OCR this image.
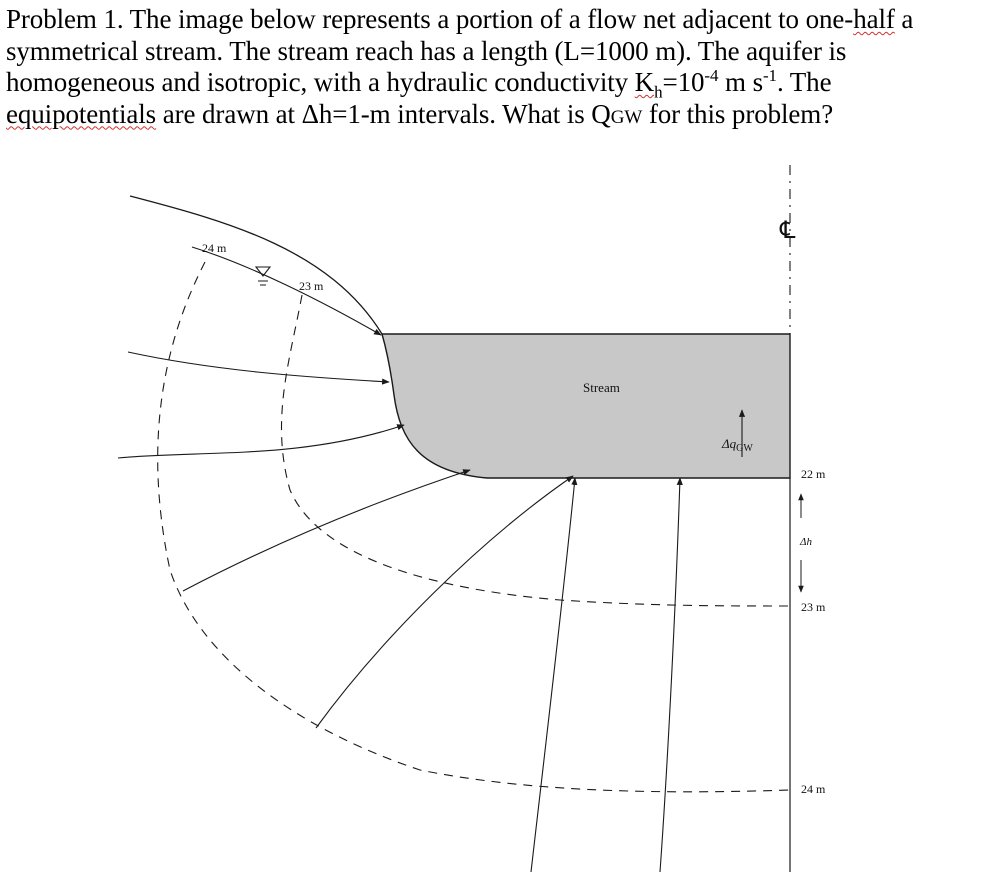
Problem 1. The image below represents a portion of a flow net adjacent to one-half a
symmetrical stream. The stream reach has a length (L=1000 m). The aquifer is
homogeneous and isotropic, with a hydraulic conductivity $K_h=10^{-4}$ m $s^{-1}$. The
equipotentials are drawn at Δh=1-m intervals. What is QGW for this problem?
24 m
23 m
Stream
$\Delta q_{GW}$
℄
22 m
Δh
23 m
24 m
